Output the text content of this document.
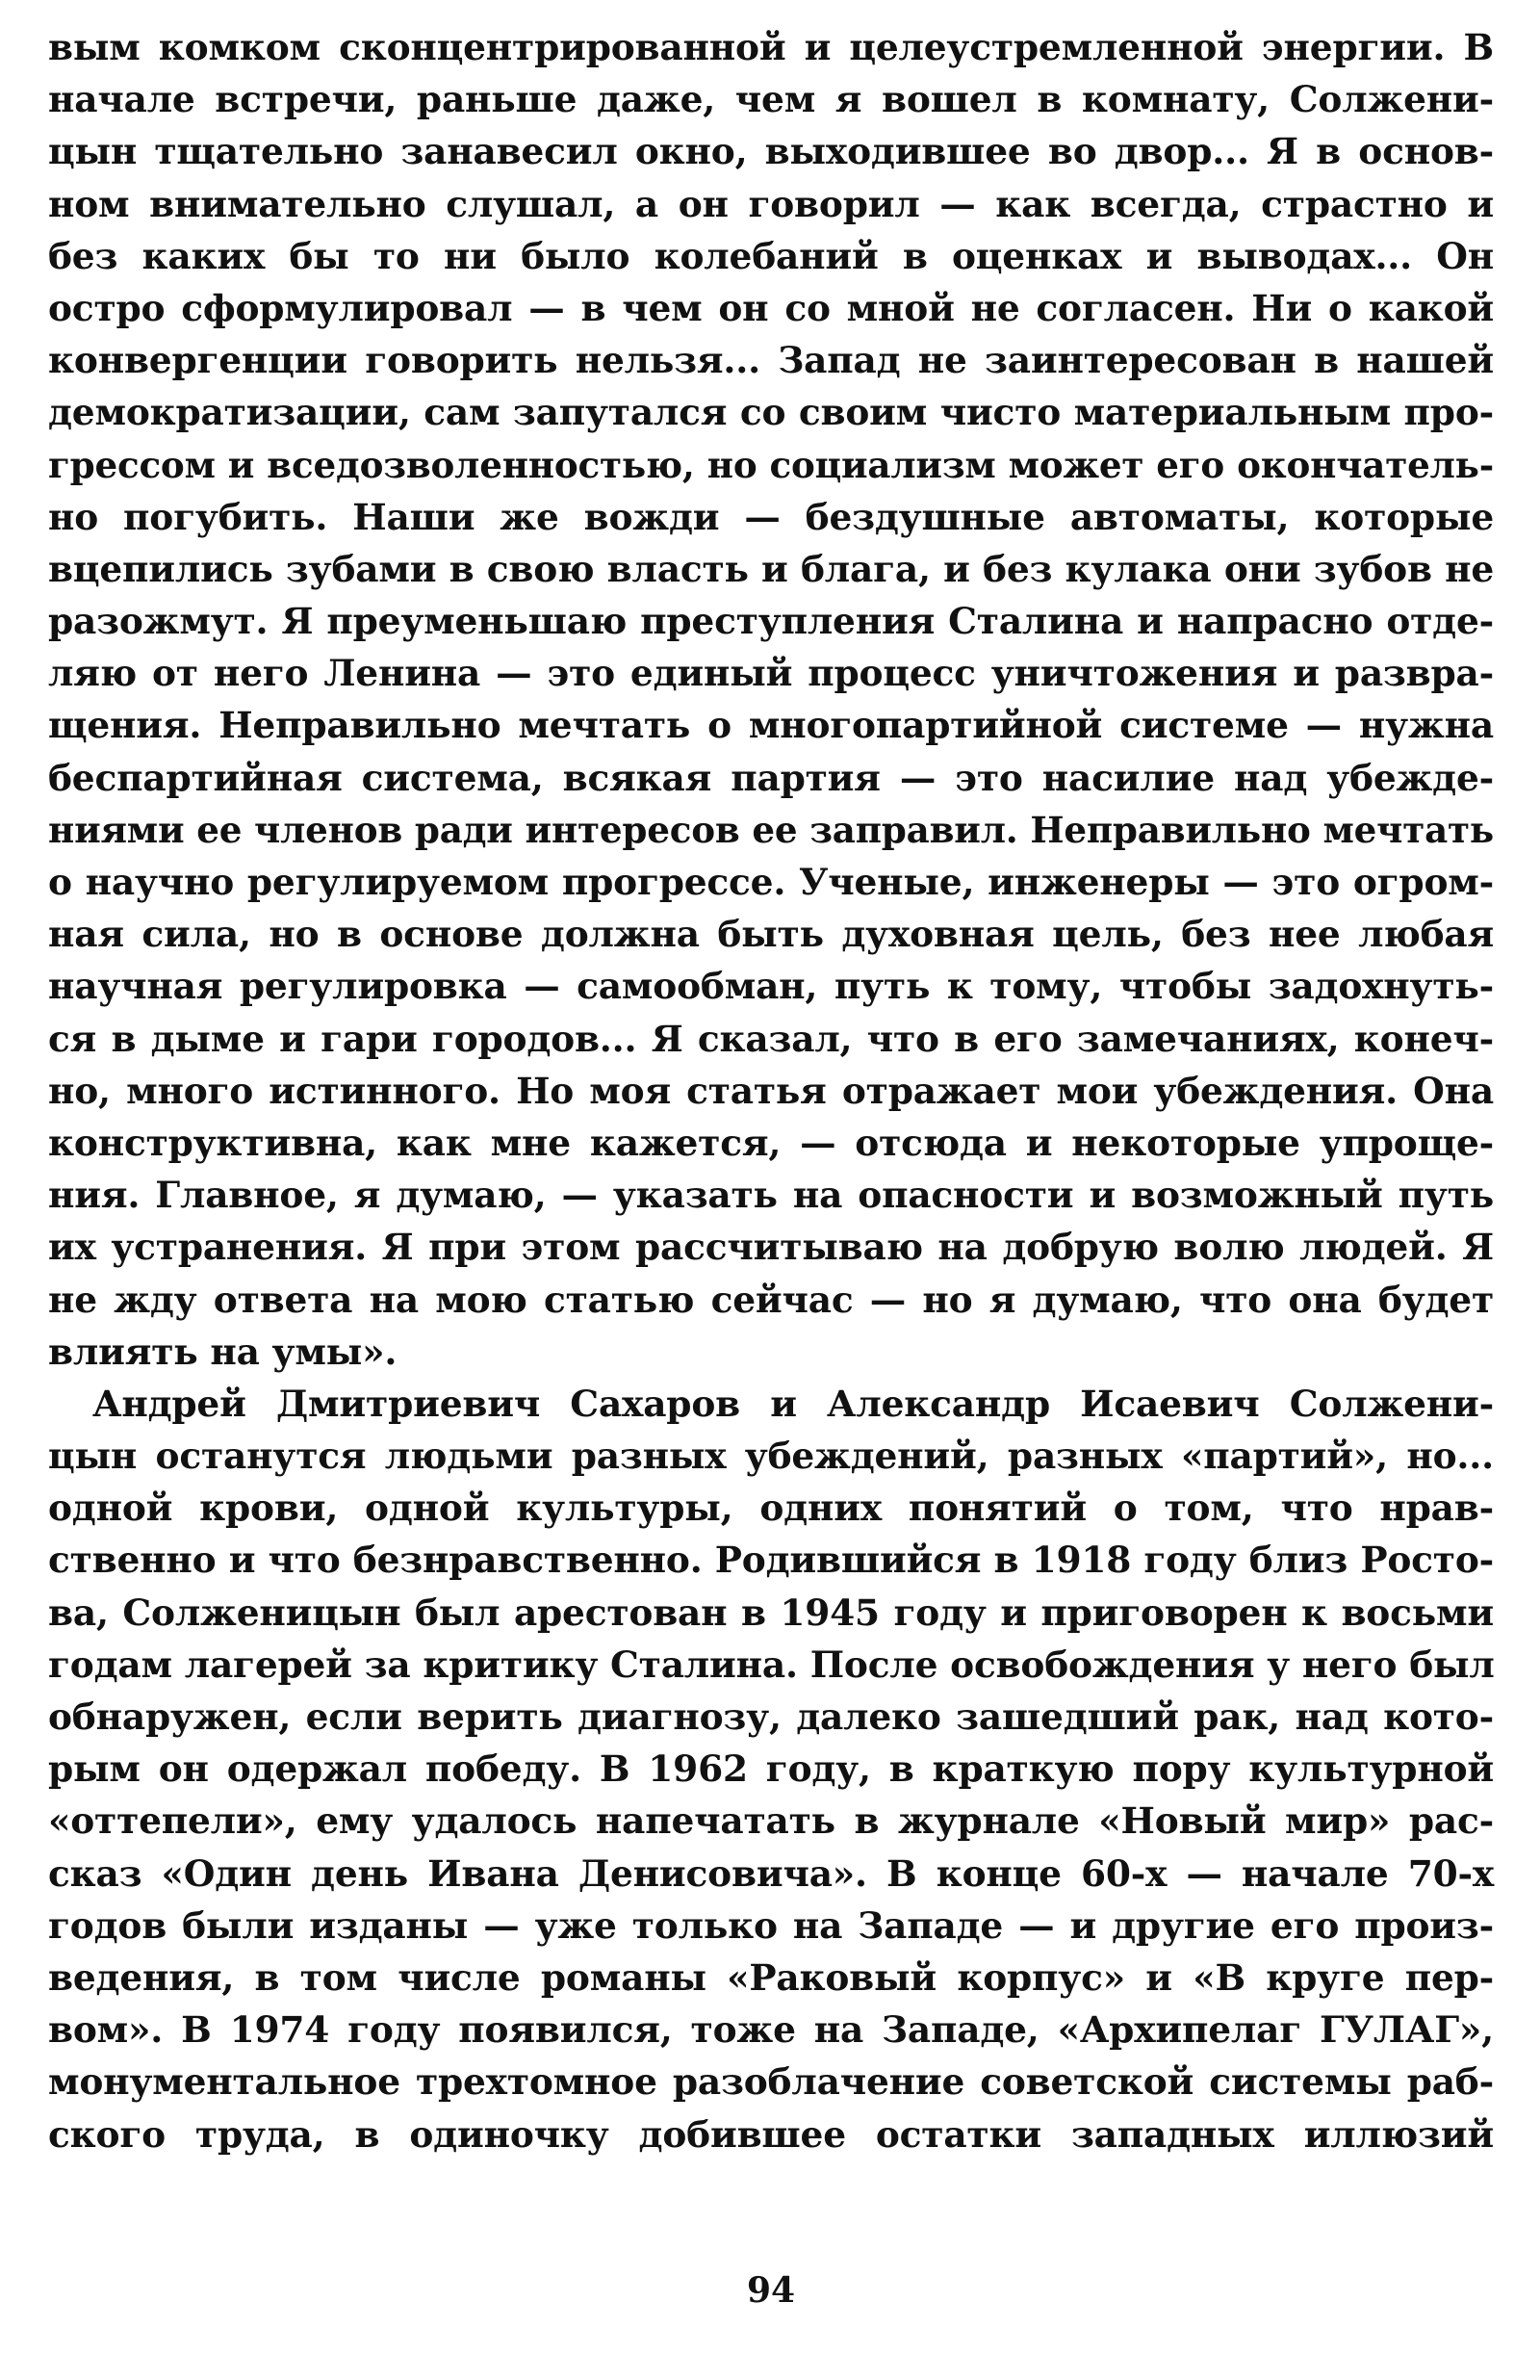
вым комком сконцентрированной и целеустремленной энергии. В
начале встречи, раньше даже, чем я вошел в комнату, Солжени-
цын тщательно занавесил окно, выходившее во двор... Я в основ-
ном внимательно слушал, а он говорил — как всегда, страстно и
без каких бы то ни было колебаний в оценках и выводах... Он
остро сформулировал — в чем он со мной не согласен. Ни о какой
конвергенции говорить нельзя... Запад не заинтересован в нашей
демократизации, сам запутался со своим чисто материальным про-
грессом и вседозволенностью, но социализм может его окончатель-
но погубить. Наши же вожди — бездушные автоматы, которые
вцепились зубами в свою власть и блага, и без кулака они зубов не
разожмут. Я преуменьшаю преступления Сталина и напрасно отде-
ляю от него Ленина — это единый процесс уничтожения и развра-
щения. Неправильно мечтать о многопартийной системе — нужна
беспартийная система, всякая партия — это насилие над убежде-
ниями ее членов ради интересов ее заправил. Неправильно мечтать
о научно регулируемом прогрессе. Ученые, инженеры — это огром-
ная сила, но в основе должна быть духовная цель, без нее любая
научная регулировка — самообман, путь к тому, чтобы задохнуть-
ся в дыме и гари городов... Я сказал, что в его замечаниях, конеч-
но, много истинного. Но моя статья отражает мои убеждения. Она
конструктивна, как мне кажется, — отсюда и некоторые упроще-
ния. Главное, я думаю, — указать на опасности и возможный путь
их устранения. Я при этом рассчитываю на добрую волю людей. Я
не жду ответа на мою статью сейчас — но я думаю, что она будет
влиять на умы».
Андрей Дмитриевич Сахаров и Александр Исаевич Солжени-
цын останутся людьми разных убеждений, разных «партий», но...
одной крови, одной культуры, одних понятий о том, что нрав-
ственно и что безнравственно. Родившийся в 1918 году близ Росто-
ва, Солженицын был арестован в 1945 году и приговорен к восьми
годам лагерей за критику Сталина. После освобождения у него был
обнаружен, если верить диагнозу, далеко зашедший рак, над кото-
рым он одержал победу. В 1962 году, в краткую пору культурной
«оттепели», ему удалось напечатать в журнале «Новый мир» рас-
сказ «Один день Ивана Денисовича». В конце 60-х — начале 70-х
годов были изданы — уже только на Западе — и другие его произ-
ведения, в том числе романы «Раковый корпус» и «В круге пер-
вом». В 1974 году появился, тоже на Западе, «Архипелаг ГУЛАГ»,
монументальное трехтомное разоблачение советской системы раб-
ского труда, в одиночку добившее остатки западных иллюзий
94
